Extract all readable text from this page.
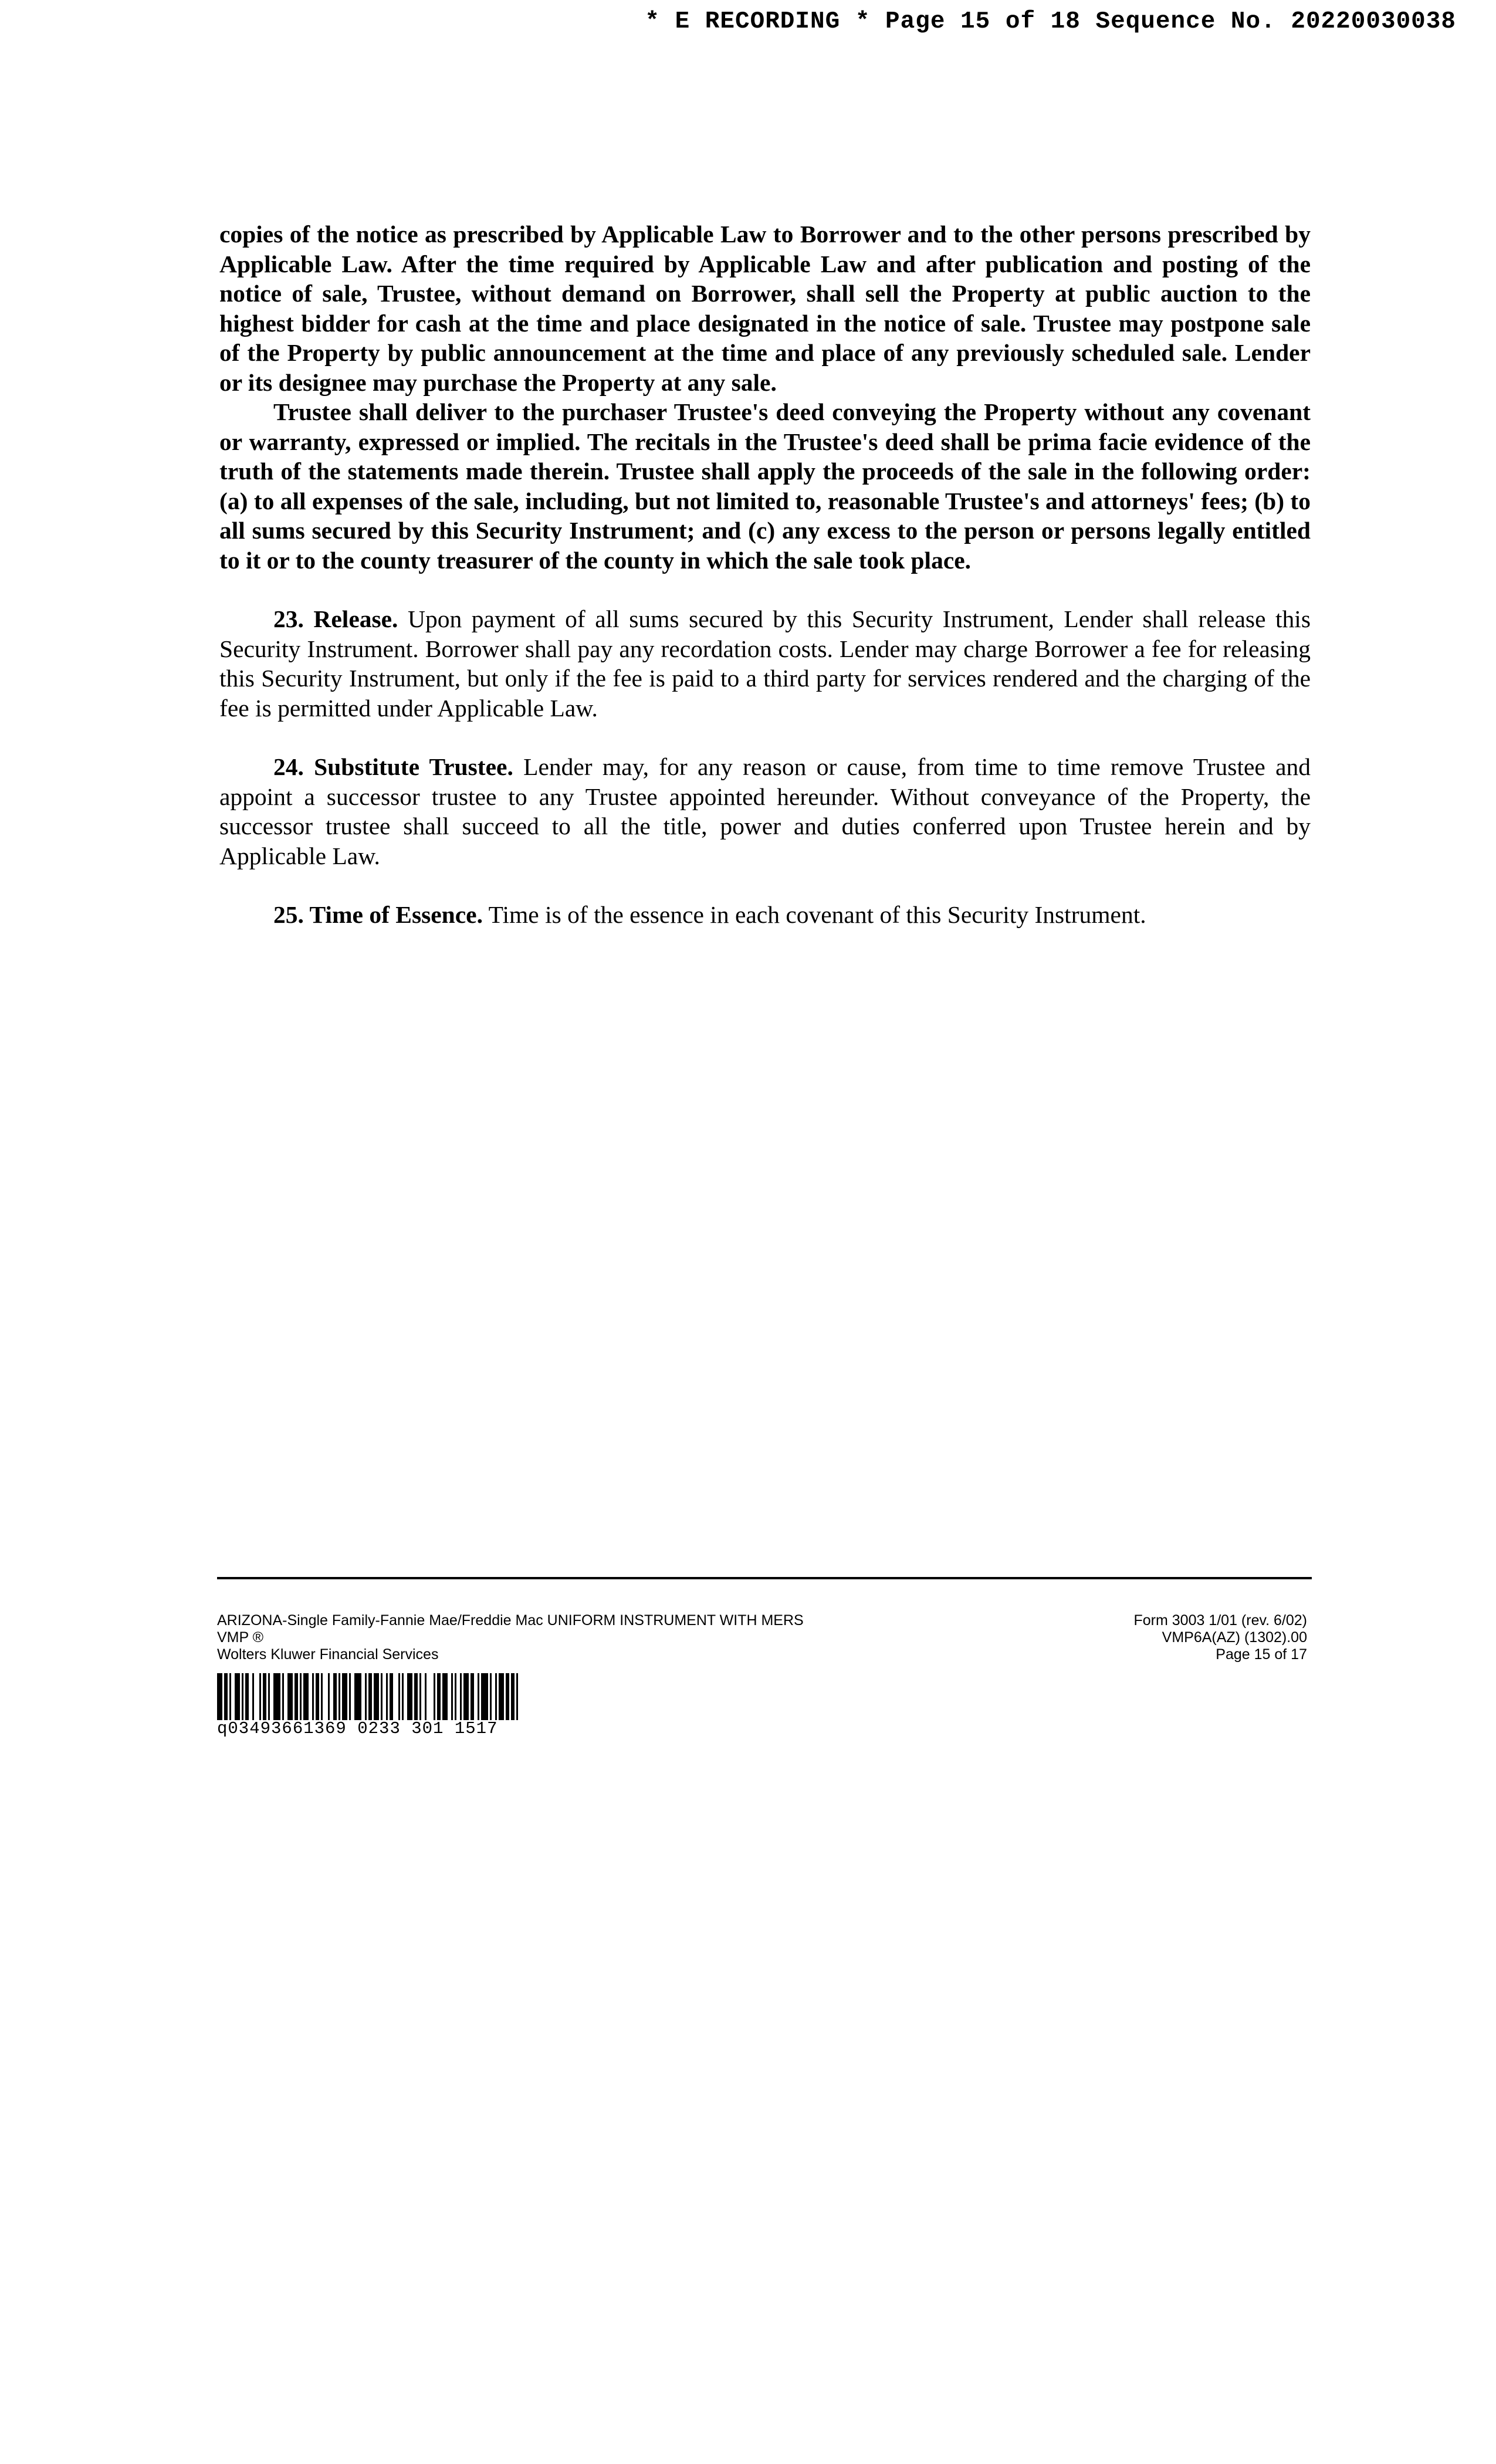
* E RECORDING * Page 15 of 18 Sequence No. 20220030038

copies of the notice as prescribed by Applicable Law to Borrower and to the other persons prescribed by Applicable Law. After the time required by Applicable Law and after publication and posting of the notice of sale, Trustee, without demand on Borrower, shall sell the Property at public auction to the highest bidder for cash at the time and place designated in the notice of sale. Trustee may postpone sale of the Property by public announcement at the time and place of any previously scheduled sale. Lender or its designee may purchase the Property at any sale.

Trustee shall deliver to the purchaser Trustee's deed conveying the Property without any covenant or warranty, expressed or implied. The recitals in the Trustee's deed shall be prima facie evidence of the truth of the statements made therein. Trustee shall apply the proceeds of the sale in the following order: (a) to all expenses of the sale, including, but not limited to, reasonable Trustee's and attorneys' fees; (b) to all sums secured by this Security Instrument; and (c) any excess to the person or persons legally entitled to it or to the county treasurer of the county in which the sale took place.

23. Release. Upon payment of all sums secured by this Security Instrument, Lender shall release this Security Instrument. Borrower shall pay any recordation costs. Lender may charge Borrower a fee for releasing this Security Instrument, but only if the fee is paid to a third party for services rendered and the charging of the fee is permitted under Applicable Law.

24. Substitute Trustee. Lender may, for any reason or cause, from time to time remove Trustee and appoint a successor trustee to any Trustee appointed hereunder. Without conveyance of the Property, the successor trustee shall succeed to all the title, power and duties conferred upon Trustee herein and by Applicable Law.

25. Time of Essence. Time is of the essence in each covenant of this Security Instrument.

ARIZONA-Single Family-Fannie Mae/Freddie Mac UNIFORM INSTRUMENT WITH MERS
VMP ®
Wolters Kluwer Financial Services
Form 3003 1/01 (rev. 6/02)
VMP6A(AZ) (1302).00
Page 15 of 17
q03493661369 0233 301 1517
